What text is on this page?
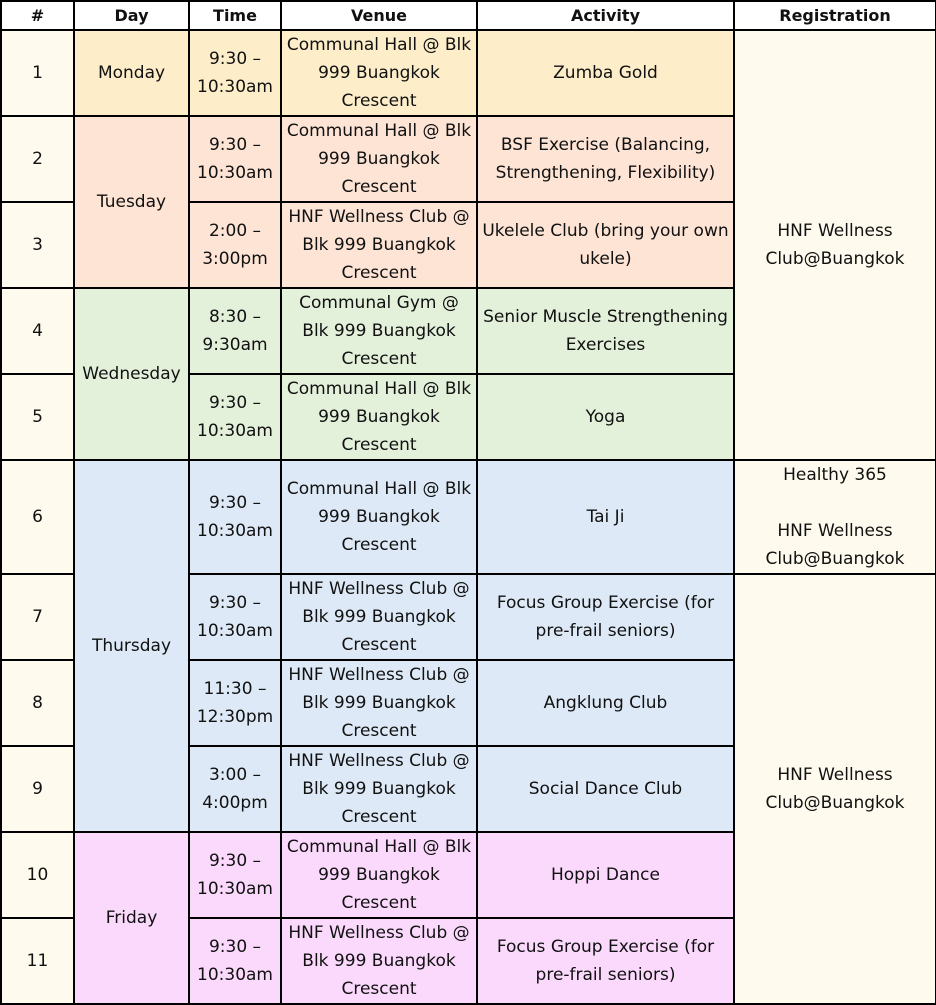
#	Day	Time	Venue	Activity	Registration
1	Monday	9:30 – 10:30am	Communal Hall @ Blk 999 Buangkok Crescent	Zumba Gold	HNF Wellness Club@Buangkok
2	Tuesday	9:30 – 10:30am	Communal Hall @ Blk 999 Buangkok Crescent	BSF Exercise (Balancing, Strengthening, Flexibility)	
3		2:00 – 3:00pm	HNF Wellness Club @ Blk 999 Buangkok Crescent	Ukelele Club (bring your own ukele)	
4	Wednesday	8:30 – 9:30am	Communal Gym @ Blk 999 Buangkok Crescent	Senior Muscle Strengthening Exercises	
5		9:30 – 10:30am	Communal Hall @ Blk 999 Buangkok Crescent	Yoga	
6	Thursday	9:30 – 10:30am	Communal Hall @ Blk 999 Buangkok Crescent	Tai Ji	Healthy 365
HNF Wellness Club@Buangkok

7		9:30 – 10:30am	HNF Wellness Club @ Blk 999 Buangkok Crescent	Focus Group Exercise (for pre-frail seniors)	HNF Wellness Club@Buangkok
8		11:30 – 12:30pm	HNF Wellness Club @ Blk 999 Buangkok Crescent	Angklung Club	
9		3:00 – 4:00pm	HNF Wellness Club @ Blk 999 Buangkok Crescent	Social Dance Club	
10	Friday	9:30 – 10:30am	Communal Hall @ Blk 999 Buangkok Crescent	Hoppi Dance	
11		9:30 – 10:30am	HNF Wellness Club @ Blk 999 Buangkok Crescent	Focus Group Exercise (for pre-frail seniors)	
